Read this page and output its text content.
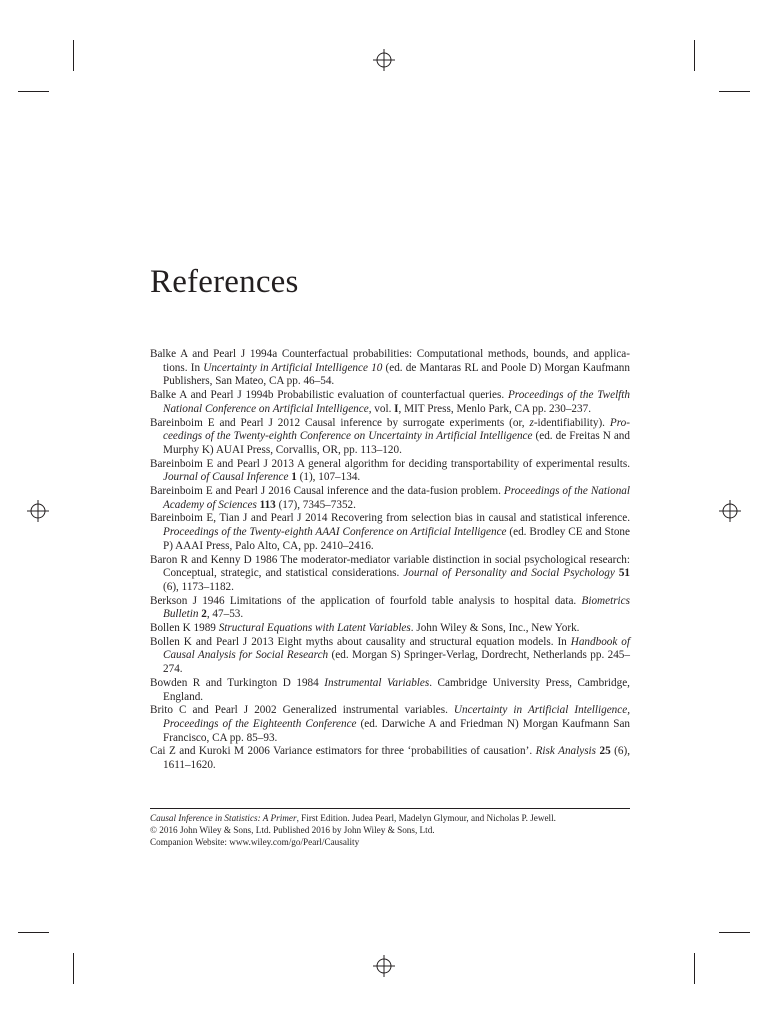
References

Balke A and Pearl J 1994a Counterfactual probabilities: Computational methods, bounds, and applica-tions. In Uncertainty in Artificial Intelligence 10 (ed. de Mantaras RL and Poole D) Morgan Kaufmann Publishers, San Mateo, CA pp. 46–54.

Balke A and Pearl J 1994b Probabilistic evaluation of counterfactual queries. Proceedings of the Twelfth National Conference on Artificial Intelligence, vol. I, MIT Press, Menlo Park, CA pp. 230–237.

Bareinboim E and Pearl J 2012 Causal inference by surrogate experiments (or, z-identifiability). Pro-ceedings of the Twenty-eighth Conference on Uncertainty in Artificial Intelligence (ed. de Freitas N and Murphy K) AUAI Press, Corvallis, OR, pp. 113–120.

Bareinboim E and Pearl J 2013 A general algorithm for deciding transportability of experimental results. Journal of Causal Inference 1 (1), 107–134.

Bareinboim E and Pearl J 2016 Causal inference and the data-fusion problem. Proceedings of the National Academy of Sciences 113 (17), 7345–7352.

Bareinboim E, Tian J and Pearl J 2014 Recovering from selection bias in causal and statistical inference. Proceedings of the Twenty-eighth AAAI Conference on Artificial Intelligence (ed. Brodley CE and Stone P) AAAI Press, Palo Alto, CA, pp. 2410–2416.

Baron R and Kenny D 1986 The moderator-mediator variable distinction in social psychological research: Conceptual, strategic, and statistical considerations. Journal of Personality and Social Psychology 51 (6), 1173–1182.

Berkson J 1946 Limitations of the application of fourfold table analysis to hospital data. Biometrics Bulletin 2, 47–53.

Bollen K 1989 Structural Equations with Latent Variables. John Wiley & Sons, Inc., New York.

Bollen K and Pearl J 2013 Eight myths about causality and structural equation models. In Handbook of Causal Analysis for Social Research (ed. Morgan S) Springer-Verlag, Dordrecht, Netherlands pp. 245–274.

Bowden R and Turkington D 1984 Instrumental Variables. Cambridge University Press, Cambridge, England.

Brito C and Pearl J 2002 Generalized instrumental variables. Uncertainty in Artificial Intelligence, Proceedings of the Eighteenth Conference (ed. Darwiche A and Friedman N) Morgan Kaufmann San Francisco, CA pp. 85–93.

Cai Z and Kuroki M 2006 Variance estimators for three ‘probabilities of causation’. Risk Analysis 25 (6), 1611–1620.

Causal Inference in Statistics: A Primer, First Edition. Judea Pearl, Madelyn Glymour, and Nicholas P. Jewell.
© 2016 John Wiley & Sons, Ltd. Published 2016 by John Wiley & Sons, Ltd.
Companion Website: www.wiley.com/go/Pearl/Causality
